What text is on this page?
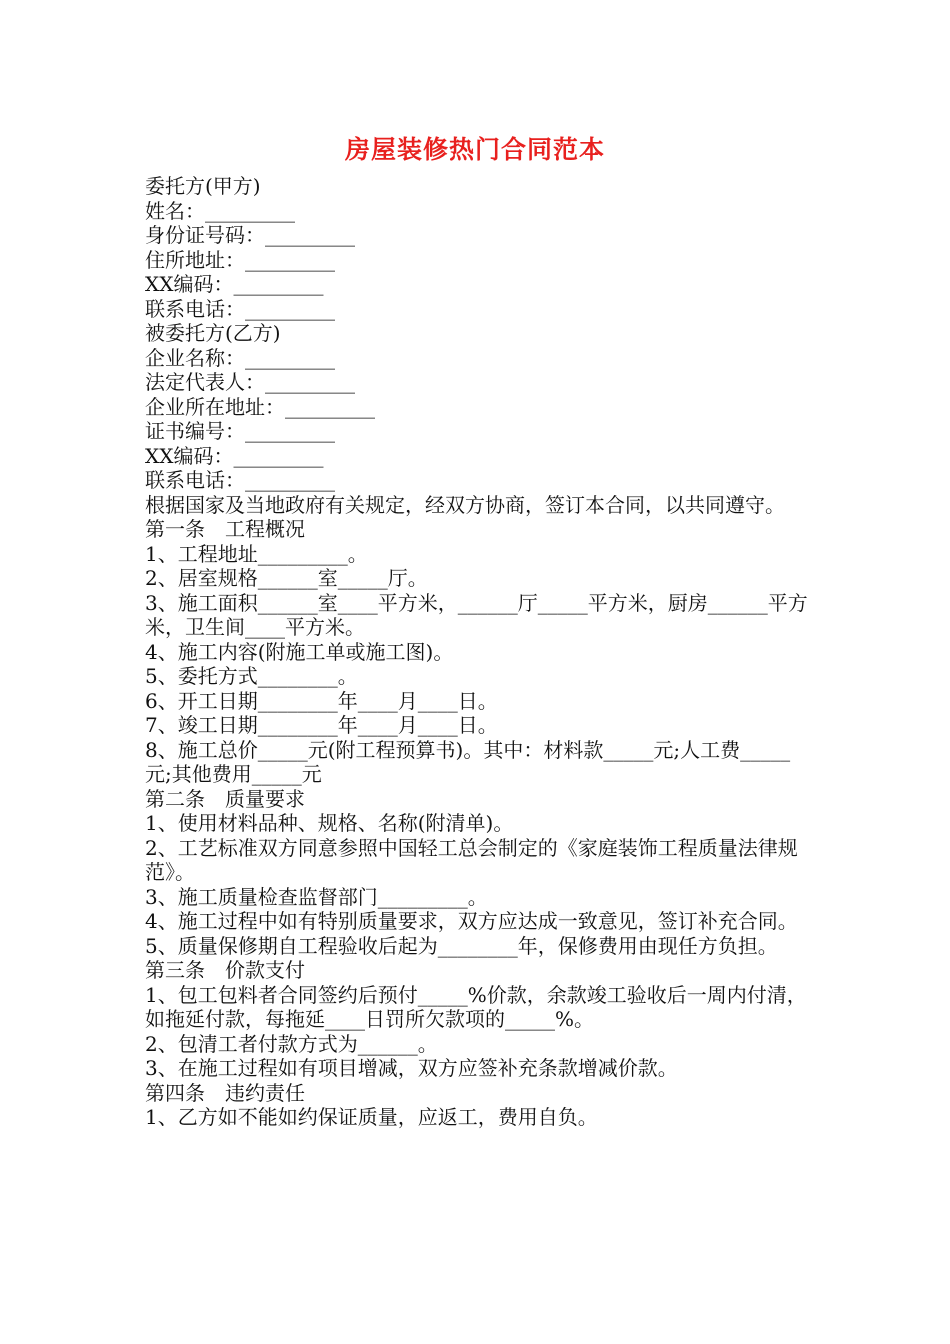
房屋装修热门合同范本

委托方(甲方)

姓名：_________

身份证号码：_________

住所地址：_________

XX编码：_________

联系电话：_________

被委托方(乙方)

企业名称：_________

法定代表人：_________

企业所在地址：_________

证书编号：_________

XX编码：_________

联系电话：_________

根据国家及当地政府有关规定，经双方协商，签订本合同，以共同遵守。

第一条　工程概况

1、工程地址_________。

2、居室规格______室_____厅。

3、施工面积______室____平方米，______厅_____平方米，厨房______平方米，卫生间____平方米。

4、施工内容(附施工单或施工图)。

5、委托方式________。

6、开工日期________年____月____日。

7、竣工日期________年____月____日。

8、施工总价_____元(附工程预算书)。其中：材料款_____元;人工费_____元;其他费用_____元

第二条　质量要求

1、使用材料品种、规格、名称(附清单)。

2、工艺标准双方同意参照中国轻工总会制定的《家庭装饰工程质量法律规范》。

3、施工质量检查监督部门_________。

4、施工过程中如有特别质量要求，双方应达成一致意见，签订补充合同。

5、质量保修期自工程验收后起为________年，保修费用由现任方负担。

第三条　价款支付

1、包工包料者合同签约后预付_____%价款，余款竣工验收后一周内付清，如拖延付款，每拖延____日罚所欠款项的_____%。

2、包清工者付款方式为______。

3、在施工过程如有项目增减，双方应签补充条款增减价款。

第四条　违约责任

1、乙方如不能如约保证质量，应返工，费用自负。
